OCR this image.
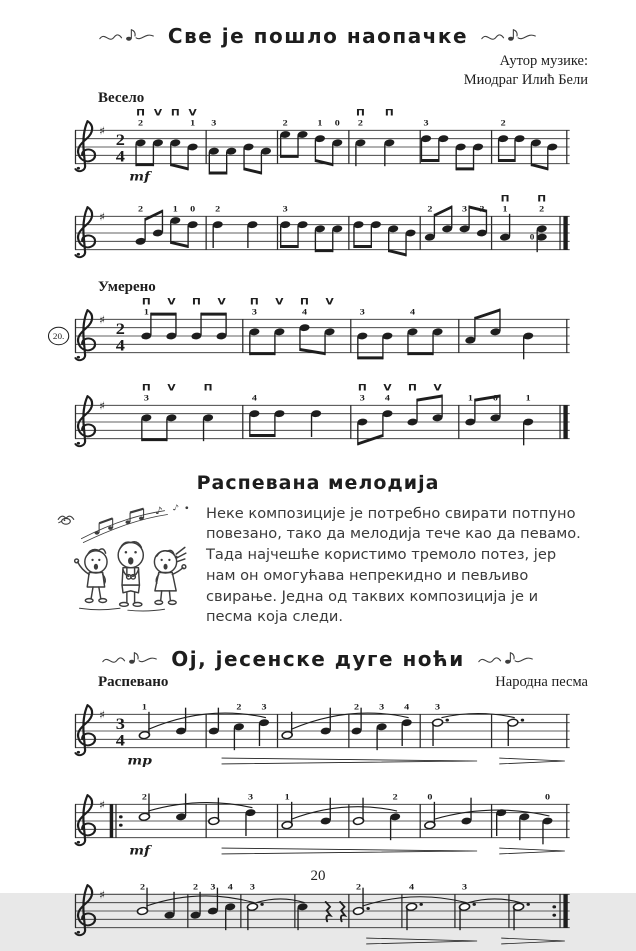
Све је пошло наопачке
Аутор музике:
Миодраг Илић Бели
Весело
♯
2
4
2	1 3	2	1 0 2	3	2
П V П V	П П
mf
♯
2	1 0 2	3	2	3 2 1	2
П	П
0
Умерено
20.
♯
2
4
1	3	4	3	4
П V П V П V П V
♯
3	4	3 4	1 0	1
П V	П	П V П V
Распевана мелодија
♪ ♪ Неке композиције је потребно свирати потпуно повезано, тако да мелодија тече као да певамо. Тада најчешће користимо тремоло потез, јер нам он омогућава непрекидно и певљиво свирање. Једна од таквих композиција је и песма која следи.

Ој, јесенске дуге ноћи
Распевано	Народна песма
♯
3
4
1	2 3	2 3 4 3
mp
♯
2	3	1	2	0	0
mf
♯
2	2 3 4 3	2	4	3
20
